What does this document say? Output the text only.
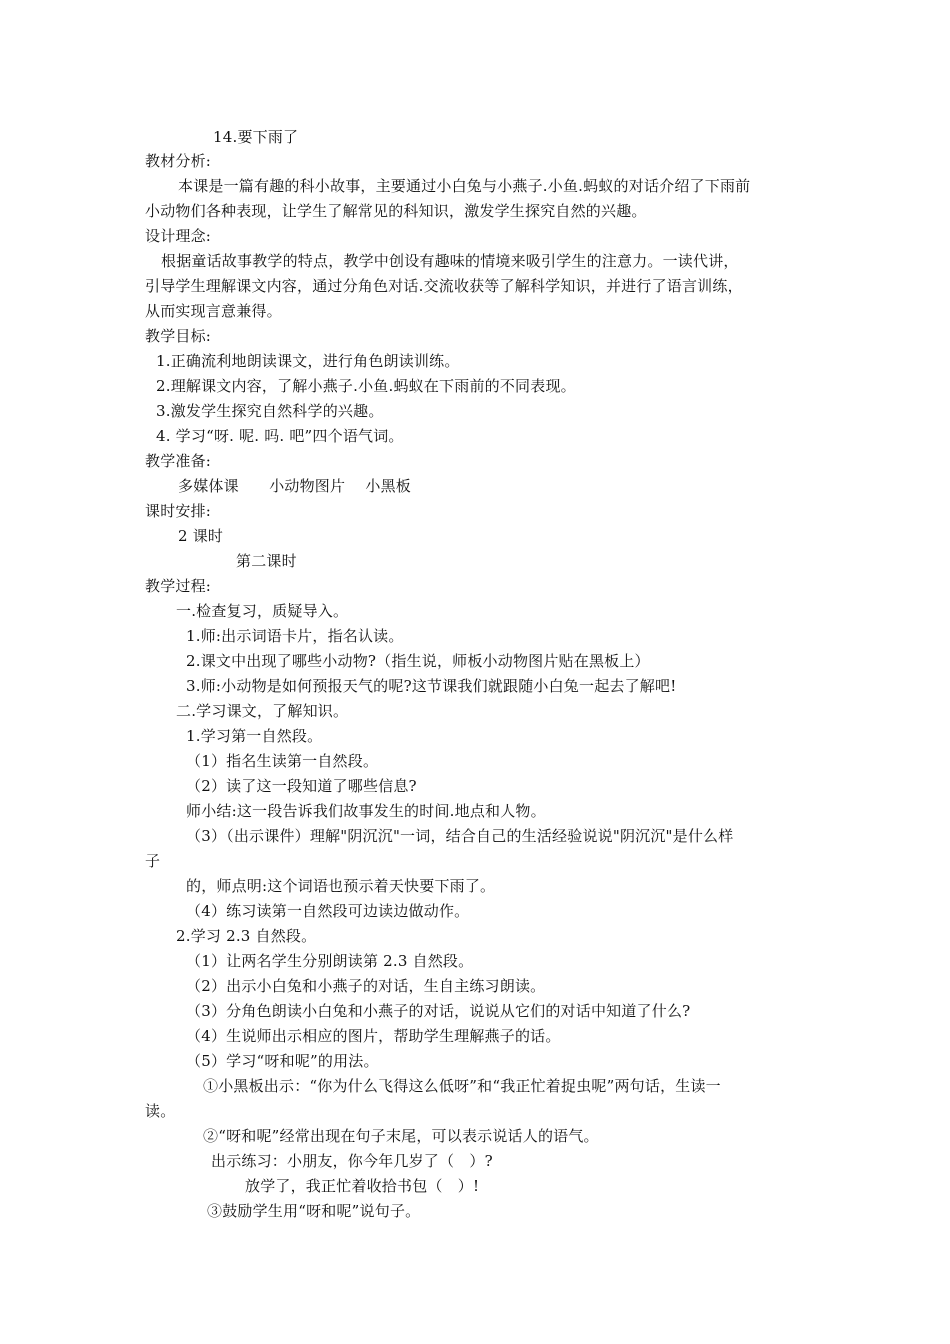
14.要下雨了
教材分析:
本课是一篇有趣的科小故事，主要通过小白兔与小燕子.小鱼.蚂蚁的对话介绍了下雨前
小动物们各种表现，让学生了解常见的科知识，激发学生探究自然的兴趣。
设计理念:
根据童话故事教学的特点，教学中创设有趣味的情境来吸引学生的注意力。一读代讲，
引导学生理解课文内容，通过分角色对话.交流收获等了解科学知识，并进行了语言训练，
从而实现言意兼得。
教学目标:
1.正确流利地朗读课文，进行角色朗读训练。
2.理解课文内容，了解小燕子.小鱼.蚂蚁在下雨前的不同表现。
3.激发学生探究自然科学的兴趣。
4. 学习“呀. 呢. 吗. 吧”四个语气词。
教学准备:
多媒体课　　小动物图片　 小黑板
课时安排:
2 课时
第二课时
教学过程:
一.检查复习，质疑导入。
1.师:出示词语卡片，指名认读。
2.课文中出现了哪些小动物?（指生说，师板小动物图片贴在黑板上）
3.师:小动物是如何预报天气的呢?这节课我们就跟随小白兔一起去了解吧!
二.学习课文，了解知识。
1.学习第一自然段。
（1）指名生读第一自然段。
（2）读了这一段知道了哪些信息?
师小结:这一段告诉我们故事发生的时间.地点和人物。
（3）（出示课件）理解"阴沉沉"一词，结合自己的生活经验说说"阴沉沉"是什么样
子
的，师点明:这个词语也预示着天快要下雨了。
（4）练习读第一自然段可边读边做动作。
2.学习 2.3 自然段。
（1）让两名学生分别朗读第 2.3 自然段。
（2）出示小白兔和小燕子的对话，生自主练习朗读。
（3）分角色朗读小白兔和小燕子的对话，说说从它们的对话中知道了什么?
（4）生说师出示相应的图片，帮助学生理解燕子的话。
（5）学习“呀和呢”的用法。
①小黑板出示：“你为什么飞得这么低呀”和“我正忙着捉虫呢”两句话，生读一
读。
②“呀和呢”经常出现在句子末尾，可以表示说话人的语气。
出示练习：小朋友，你今年几岁了（　）?
放学了，我正忙着收拾书包（　）!
③鼓励学生用“呀和呢”说句子。
